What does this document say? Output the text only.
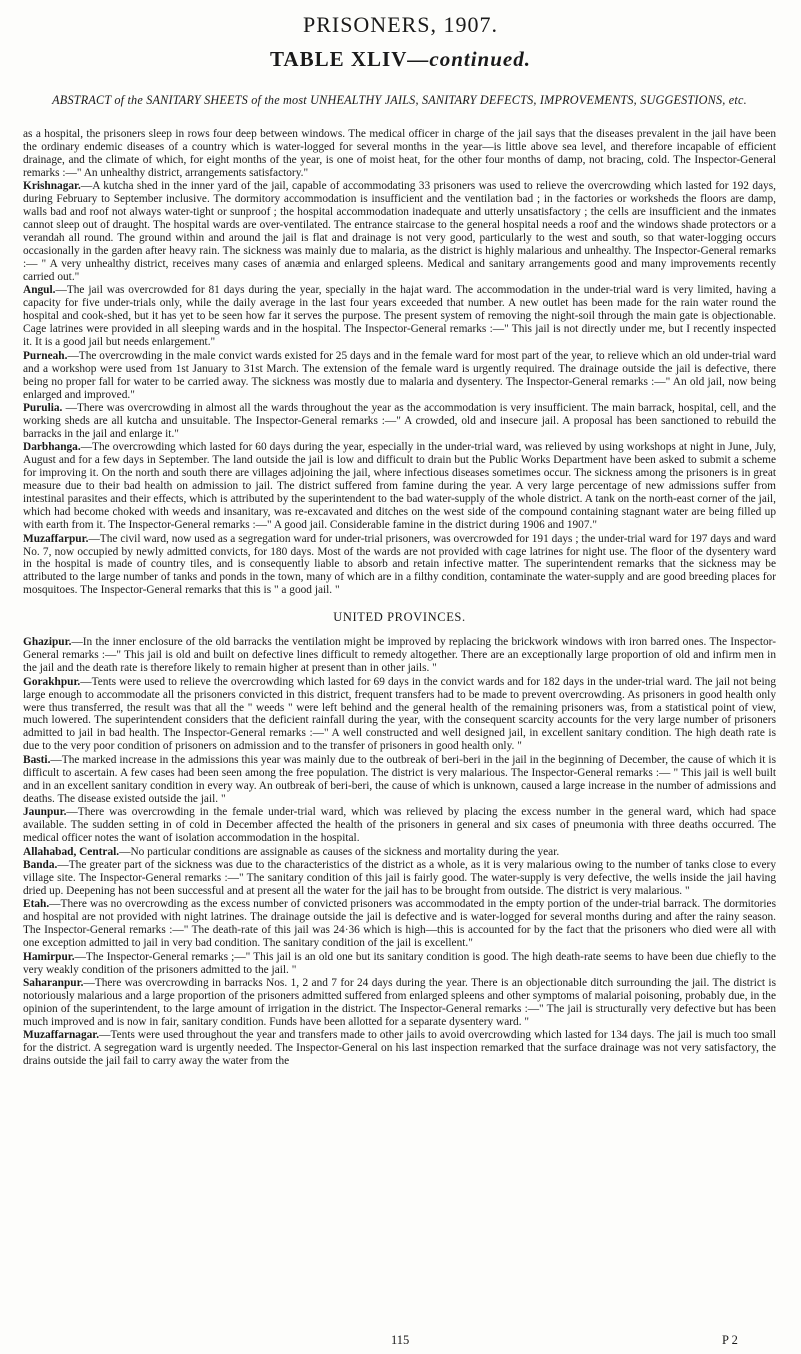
PRISONERS, 1907.
TABLE XLIV—continued.
ABSTRACT of the SANITARY SHEETS of the most UNHEALTHY JAILS, SANITARY DEFECTS, IMPROVEMENTS, SUGGESTIONS, etc.

as a hospital, the prisoners sleep in rows four deep between windows. The medical officer in charge of the jail says that the diseases prevalent in the jail have been the ordinary endemic diseases of a country which is water-logged for several months in the year—is little above sea level, and therefore incapable of efficient drainage, and the climate of which, for eight months of the year, is one of moist heat, for the other four months of damp, not bracing, cold. The Inspector-General remarks :—" An unhealthy district, arrangements satisfactory."

Krishnagar.—A kutcha shed in the inner yard of the jail, capable of accommodating 33 prisoners was used to relieve the overcrowding which lasted for 192 days, during February to September inclusive. The dormitory accommodation is insufficient and the ventilation bad ; in the factories or worksheds the floors are damp, walls bad and roof not always water-tight or sunproof ; the hospital accommodation inadequate and utterly unsatisfactory ; the cells are insufficient and the inmates cannot sleep out of draught. The hospital wards are over-ventilated. The entrance staircase to the general hospital needs a roof and the windows shade protectors or a verandah all round. The ground within and around the jail is flat and drainage is not very good, particularly to the west and south, so that water-logging occurs occasionally in the garden after heavy rain. The sickness was mainly due to malaria, as the district is highly malarious and unhealthy. The Inspector-General remarks :— " A very unhealthy district, receives many cases of anæmia and enlarged spleens. Medical and sanitary arrangements good and many improvements recently carried out."

Angul.—The jail was overcrowded for 81 days during the year, specially in the hajat ward. The accommodation in the under-trial ward is very limited, having a capacity for five under-trials only, while the daily average in the last four years exceeded that number. A new outlet has been made for the rain water round the hospital and cook-shed, but it has yet to be seen how far it serves the purpose. The present system of removing the night-soil through the main gate is objectionable. Cage latrines were provided in all sleeping wards and in the hospital. The Inspector-General remarks :—" This jail is not directly under me, but I recently inspected it. It is a good jail but needs enlargement."

Purneah.—The overcrowding in the male convict wards existed for 25 days and in the female ward for most part of the year, to relieve which an old under-trial ward and a workshop were used from 1st January to 31st March. The extension of the female ward is urgently required. The drainage outside the jail is defective, there being no proper fall for water to be carried away. The sickness was mostly due to malaria and dysentery. The Inspector-General remarks :—" An old jail, now being enlarged and improved."

Purulia. —There was overcrowding in almost all the wards throughout the year as the accommodation is very insufficient. The main barrack, hospital, cell, and the working sheds are all kutcha and unsuitable. The Inspector-General remarks :—" A crowded, old and insecure jail. A proposal has been sanctioned to rebuild the barracks in the jail and enlarge it."

Darbhanga.—The overcrowding which lasted for 60 days during the year, especially in the under-trial ward, was relieved by using workshops at night in June, July, August and for a few days in September. The land outside the jail is low and difficult to drain but the Public Works Department have been asked to submit a scheme for improving it. On the north and south there are villages adjoining the jail, where infectious diseases sometimes occur. The sickness among the prisoners is in great measure due to their bad health on admission to jail. The district suffered from famine during the year. A very large percentage of new admissions suffer from intestinal parasites and their effects, which is attributed by the superintendent to the bad water-supply of the whole district. A tank on the north-east corner of the jail, which had become choked with weeds and insanitary, was re-excavated and ditches on the west side of the compound containing stagnant water are being filled up with earth from it. The Inspector-General remarks :—" A good jail. Considerable famine in the district during 1906 and 1907."

Muzaffarpur.—The civil ward, now used as a segregation ward for under-trial prisoners, was overcrowded for 191 days ; the under-trial ward for 197 days and ward No. 7, now occupied by newly admitted convicts, for 180 days. Most of the wards are not provided with cage latrines for night use. The floor of the dysentery ward in the hospital is made of country tiles, and is consequently liable to absorb and retain infective matter. The superintendent remarks that the sickness may be attributed to the large number of tanks and ponds in the town, many of which are in a filthy condition, contaminate the water-supply and are good breeding places for mosquitoes. The Inspector-General remarks that this is " a good jail. "

UNITED PROVINCES.

Ghazipur.—In the inner enclosure of the old barracks the ventilation might be improved by replacing the brickwork windows with iron barred ones. The Inspector-General remarks :—" This jail is old and built on defective lines difficult to remedy altogether. There are an exceptionally large proportion of old and infirm men in the jail and the death rate is therefore likely to remain higher at present than in other jails. "

Gorakhpur.—Tents were used to relieve the overcrowding which lasted for 69 days in the convict wards and for 182 days in the under-trial ward. The jail not being large enough to accommodate all the prisoners convicted in this district, frequent transfers had to be made to prevent overcrowding. As prisoners in good health only were thus transferred, the result was that all the " weeds " were left behind and the general health of the remaining prisoners was, from a statistical point of view, much lowered. The superintendent considers that the deficient rainfall during the year, with the consequent scarcity accounts for the very large number of prisoners admitted to jail in bad health. The Inspector-General remarks :—" A well constructed and well designed jail, in excellent sanitary condition. The high death rate is due to the very poor condition of prisoners on admission and to the transfer of prisoners in good health only. "

Basti.—The marked increase in the admissions this year was mainly due to the outbreak of beri-beri in the jail in the beginning of December, the cause of which it is difficult to ascertain. A few cases had been seen among the free population. The district is very malarious. The Inspector-General remarks :— " This jail is well built and in an excellent sanitary condition in every way. An outbreak of beri-beri, the cause of which is unknown, caused a large increase in the number of admissions and deaths. The disease existed outside the jail. "

Jaunpur.—There was overcrowding in the female under-trial ward, which was relieved by placing the excess number in the general ward, which had space available. The sudden setting in of cold in December affected the health of the prisoners in general and six cases of pneumonia with three deaths occurred. The medical officer notes the want of isolation accommodation in the hospital.

Allahabad, Central.—No particular conditions are assignable as causes of the sickness and mortality during the year.

Banda.—The greater part of the sickness was due to the characteristics of the district as a whole, as it is very malarious owing to the number of tanks close to every village site. The Inspector-General remarks :—" The sanitary condition of this jail is fairly good. The water-supply is very defective, the wells inside the jail having dried up. Deepening has not been successful and at present all the water for the jail has to be brought from outside. The district is very malarious. "

Etah.—There was no overcrowding as the excess number of convicted prisoners was accommodated in the empty portion of the under-trial barrack. The dormitories and hospital are not provided with night latrines. The drainage outside the jail is defective and is water-logged for several months during and after the rainy season. The Inspector-General remarks :—" The death-rate of this jail was 24·36 which is high—this is accounted for by the fact that the prisoners who died were all with one exception admitted to jail in very bad condition. The sanitary condition of the jail is excellent."

Hamirpur.—The Inspector-General remarks ;—" This jail is an old one but its sanitary condition is good. The high death-rate seems to have been due chiefly to the very weakly condition of the prisoners admitted to the jail. "

Saharanpur.—There was overcrowding in barracks Nos. 1, 2 and 7 for 24 days during the year. There is an objectionable ditch surrounding the jail. The district is notoriously malarious and a large proportion of the prisoners admitted suffered from enlarged spleens and other symptoms of malarial poisoning, probably due, in the opinion of the superintendent, to the large amount of irrigation in the district. The Inspector-General remarks :—" The jail is structurally very defective but has been much improved and is now in fair, sanitary condition. Funds have been allotted for a separate dysentery ward. "

Muzaffarnagar.—Tents were used throughout the year and transfers made to other jails to avoid overcrowding which lasted for 134 days. The jail is much too small for the district. A segregation ward is urgently needed. The Inspector-General on his last inspection remarked that the surface drainage was not very satisfactory, the drains outside the jail fail to carry away the water from the

115	P 2
